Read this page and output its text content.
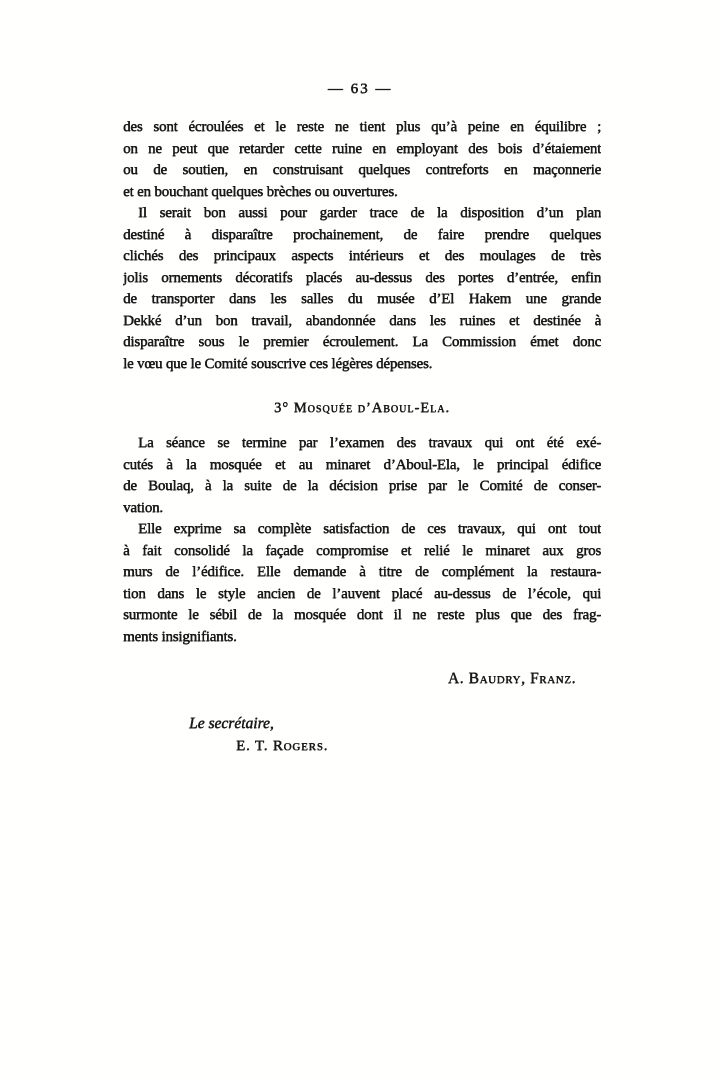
— 63 —

des sont écroulées et le reste ne tient plus qu’à peine en équilibre ;
on ne peut que retarder cette ruine en employant des bois d’étaiement
ou de soutien, en construisant quelques contreforts en maçonnerie
et en bouchant quelques brèches ou ouvertures.

Il serait bon aussi pour garder trace de la disposition d’un plan
destiné à disparaître prochainement, de faire prendre quelques
clichés des principaux aspects intérieurs et des moulages de très
jolis ornements décoratifs placés au-dessus des portes d’entrée, enfin
de transporter dans les salles du musée d’El Hakem une grande
Dekké d’un bon travail, abandonnée dans les ruines et destinée à
disparaître sous le premier écroulement. La Commission émet donc
le vœu que le Comité souscrive ces légères dépenses.

3° Mosquée d’Aboul-Ela.

La séance se termine par l’examen des travaux qui ont été exé-
cutés à la mosquée et au minaret d’Aboul-Ela, le principal édifice
de Boulaq, à la suite de la décision prise par le Comité de conser-
vation.

Elle exprime sa complète satisfaction de ces travaux, qui ont tout
à fait consolidé la façade compromise et relié le minaret aux gros
murs de l’édifice. Elle demande à titre de complément la restaura-
tion dans le style ancien de l’auvent placé au-dessus de l’école, qui
surmonte le sébil de la mosquée dont il ne reste plus que des frag-
ments insignifiants.

A. Baudry, Franz.
Le secrétaire,
E. T. Rogers.
